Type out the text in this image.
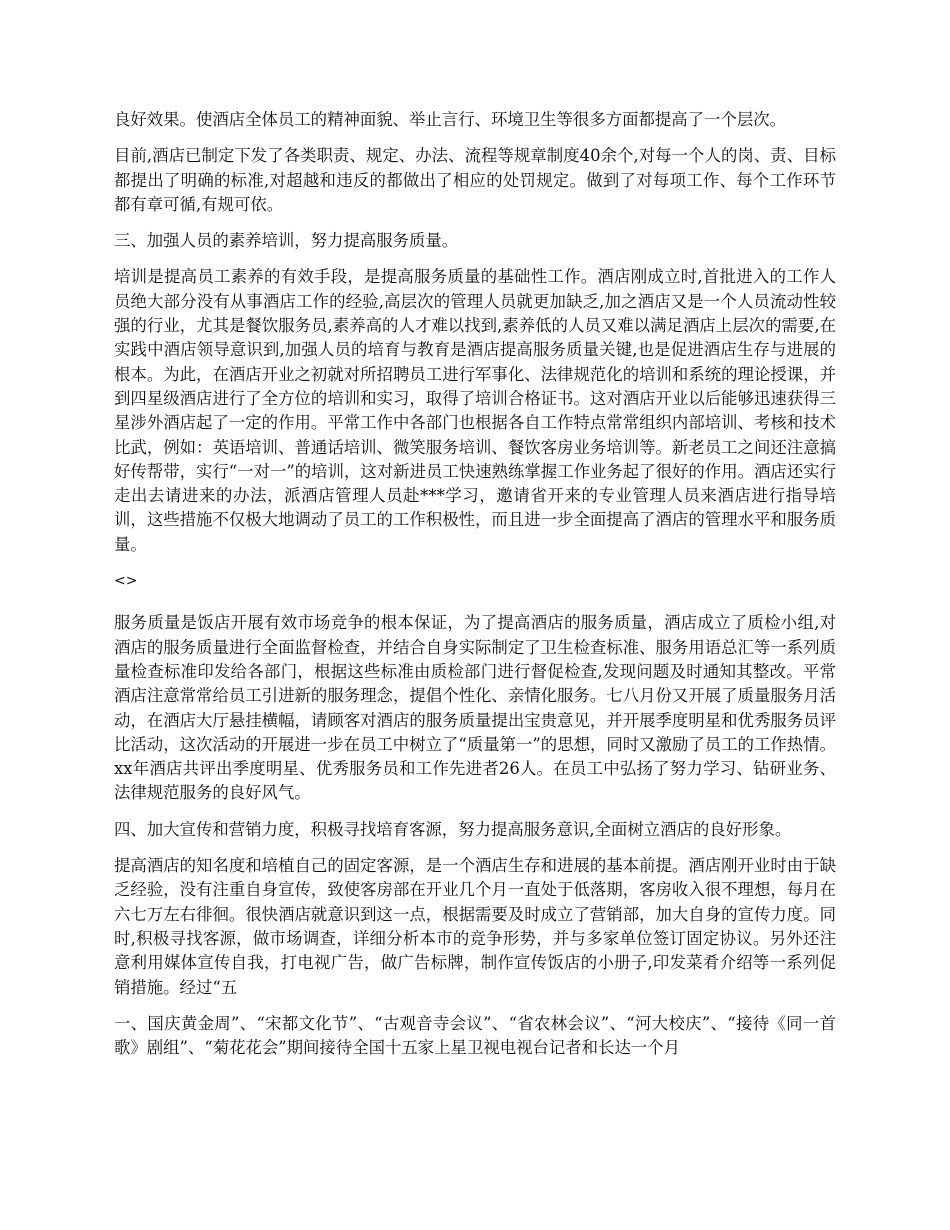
良好效果。使酒店全体员工的精神面貌、举止言行、环境卫生等很多方面都提高了一个层次。

目前,酒店已制定下发了各类职责、规定、办法、流程等规章制度40余个,对每一个人的岗、责、目标都提出了明确的标准,对超越和违反的都做出了相应的处罚规定。做到了对每项工作、每个工作环节都有章可循,有规可依。

三、加强人员的素养培训，努力提高服务质量。

培训是提高员工素养的有效手段，是提高服务质量的基础性工作。酒店刚成立时,首批进入的工作人员绝大部分没有从事酒店工作的经验,高层次的管理人员就更加缺乏,加之酒店又是一个人员流动性较强的行业，尤其是餐饮服务员,素养高的人才难以找到,素养低的人员又难以满足酒店上层次的需要,在实践中酒店领导意识到,加强人员的培育与教育是酒店提高服务质量关键,也是促进酒店生存与进展的根本。为此，在酒店开业之初就对所招聘员工进行军事化、法律规范化的培训和系统的理论授课，并到四星级酒店进行了全方位的培训和实习，取得了培训合格证书。这对酒店开业以后能够迅速获得三星涉外酒店起了一定的作用。平常工作中各部门也根据各自工作特点常常组织内部培训、考核和技术比武，例如：英语培训、普通话培训、微笑服务培训、餐饮客房业务培训等。新老员工之间还注意搞好传帮带，实行“一对一”的培训，这对新进员工快速熟练掌握工作业务起了很好的作用。酒店还实行走出去请进来的办法，派酒店管理人员赴***学习，邀请省开来的专业管理人员来酒店进行指导培训，这些措施不仅极大地调动了员工的工作积极性，而且进一步全面提高了酒店的管理水平和服务质量。

<>

服务质量是饭店开展有效市场竞争的根本保证，为了提高酒店的服务质量，酒店成立了质检小组,对酒店的服务质量进行全面监督检查，并结合自身实际制定了卫生检查标准、服务用语总汇等一系列质量检查标准印发给各部门，根据这些标准由质检部门进行督促检查,发现问题及时通知其整改。平常酒店注意常常给员工引进新的服务理念，提倡个性化、亲情化服务。七八月份又开展了质量服务月活动，在酒店大厅悬挂横幅，请顾客对酒店的服务质量提出宝贵意见，并开展季度明星和优秀服务员评比活动，这次活动的开展进一步在员工中树立了“质量第一”的思想，同时又激励了员工的工作热情。xx年酒店共评出季度明星、优秀服务员和工作先进者26人。在员工中弘扬了努力学习、钻研业务、法律规范服务的良好风气。

四、加大宣传和营销力度，积极寻找培育客源，努力提高服务意识,全面树立酒店的良好形象。

提高酒店的知名度和培植自己的固定客源，是一个酒店生存和进展的基本前提。酒店刚开业时由于缺乏经验，没有注重自身宣传，致使客房部在开业几个月一直处于低落期，客房收入很不理想，每月在六七万左右徘徊。很快酒店就意识到这一点，根据需要及时成立了营销部，加大自身的宣传力度。同时,积极寻找客源，做市场调查，详细分析本市的竞争形势，并与多家单位签订固定协议。另外还注意利用媒体宣传自我，打电视广告，做广告标牌，制作宣传饭店的小册子,印发菜肴介绍等一系列促销措施。经过“五

一、国庆黄金周”、“宋都文化节”、“古观音寺会议”、“省农林会议”、“河大校庆”、“接待《同一首歌》剧组”、“菊花花会”期间接待全国十五家上星卫视电视台记者和长达一个月
